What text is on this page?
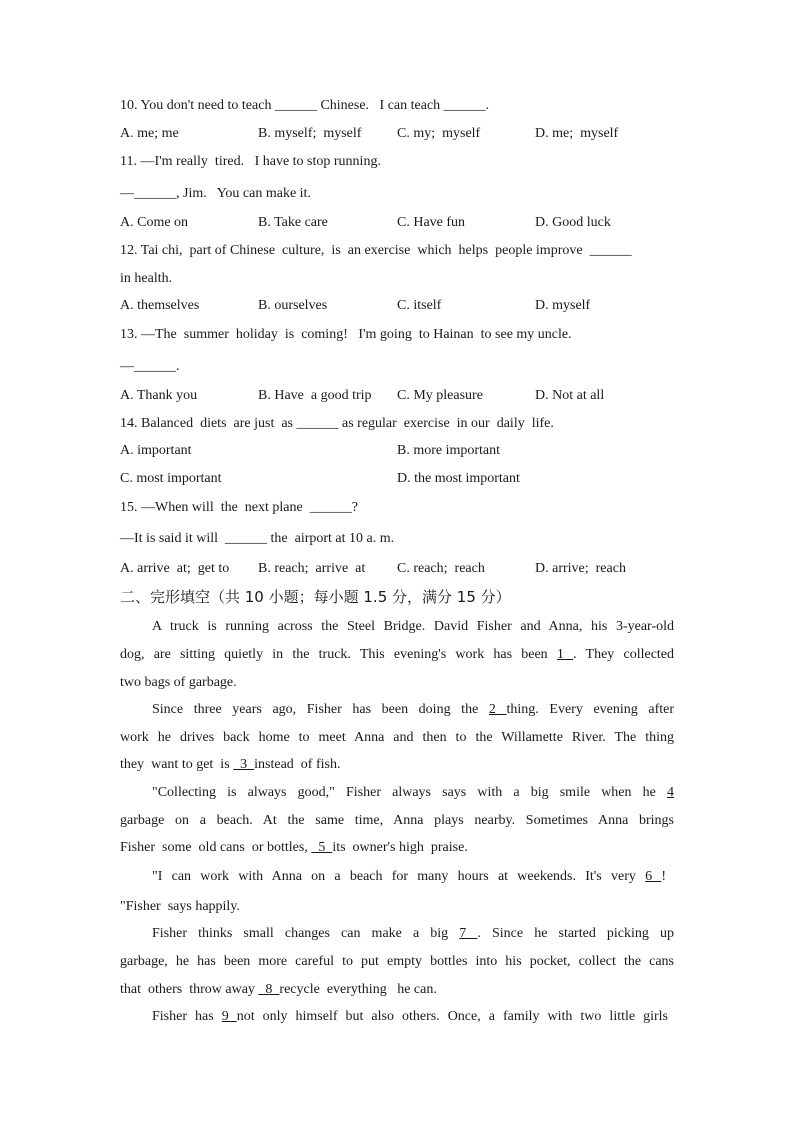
10. You don't need to teach ______ Chinese.   I can teach ______.
A. me; me	B. myself;  myself	C. my;  myself	D. me;  myself
11. —I'm really  tired.   I have to stop running.
—______, Jim.   You can make it.
A. Come on	B. Take care	C. Have fun	D. Good luck
12. Tai chi,  part of Chinese  culture,  is  an exercise  which  helps  people improve  ______
in health.
A. themselves	B. ourselves	C. itself	D. myself
13. —The  summer  holiday  is  coming!   I'm going  to Hainan  to see my uncle.
—______.
A. Thank you	B. Have  a good trip C. My pleasure	D. Not at all
14. Balanced  diets  are just  as ______ as regular  exercise  in our  daily  life.
A. important	B. more important
C. most important	D. the most important
15. —When will  the  next plane  ______?
—It is said it will  ______ the  airport at 10 a. m.
A. arrive  at;  get to B. reach;  arrive  at C. reach;  reach	D. arrive;  reach
二、完形填空（共 10 小题；每小题 1.5 分，满分 15 分）
A truck is running across the Steel Bridge. David Fisher and Anna, his 3-year-old
dog, are sitting quietly in the truck. This evening's work has been 1 . They collected
two bags of garbage.
Since three years ago, Fisher has been doing the 2 thing. Every evening after
work he drives back home to meet Anna and then to the Willamette River. The thing
they  want to get  is   3  instead  of fish.
"Collecting is always good," Fisher always says with a big smile when he 4
garbage on a beach. At the same time, Anna plays nearby. Sometimes Anna brings
Fisher  some  old cans  or bottles,   5  its  owner's high  praise.
"I can work with Anna on a beach for many hours at weekends. It's very 6 !
"Fisher  says happily.
Fisher thinks small changes can make a big 7 . Since he started picking up
garbage, he has been more careful to put empty bottles into his pocket, collect the cans
that  others  throw away   8  recycle  everything   he can.
Fisher has 9 not only himself but also others. Once, a family with two little girls
